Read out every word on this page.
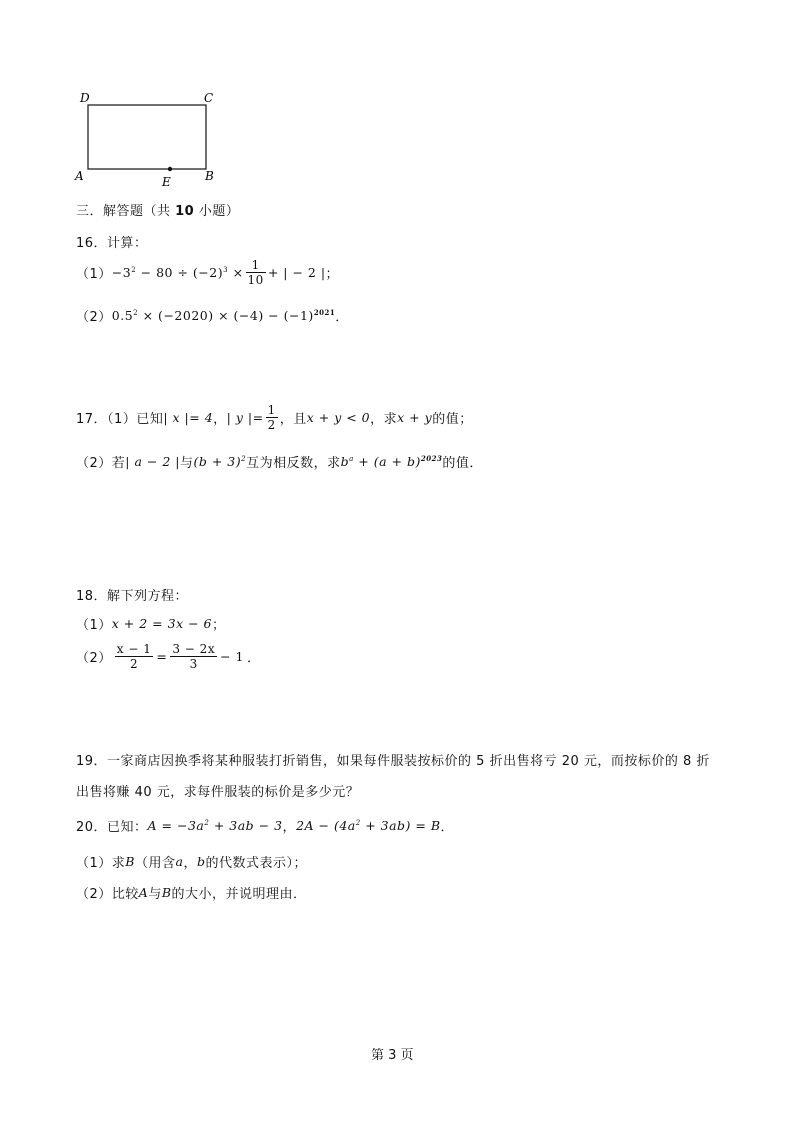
D	C
A	B
E
三．解答题（共 10 小题）
16．计算：
$(1) -3^2 - 80 \div (-2)^3 \times \frac{1}{10}$ + | − 2 | ；
（2） $0.5^2 \times (-2020) \times (-4) - (-1)^{2021}$ ．
17．（1）已知 | x |= 4 ， | y |= $\frac{1}{2}$ ，且 x + y < 0 ，求 x + y 的值；
（2）若 | a − 2 | 与 $(b + 3)^2$ 互为相反数，求 $b^a + (a + b)^{2023}$ 的值．
18．解下列方程：
（1） x + 2 = 3x − 6 ；
$(2) \frac{x - 1}{2} = \frac{3 - 2x}{3} - 1$ ．
19．一家商店因换季将某种服装打折销售，如果每件服装按标价的 5 折出售将亏 20 元，而按标价的 8 折
出售将赚 40 元，求每件服装的标价是多少元？
20．已知： $A = -3a^2 + 3ab - 3$ ， $2A - (4a^2 + 3ab) = B$ ．
（1）求 B （用含 a ， b 的代数式表示）；
（2）比较 A 与 B 的大小，并说明理由．
第 3 页
